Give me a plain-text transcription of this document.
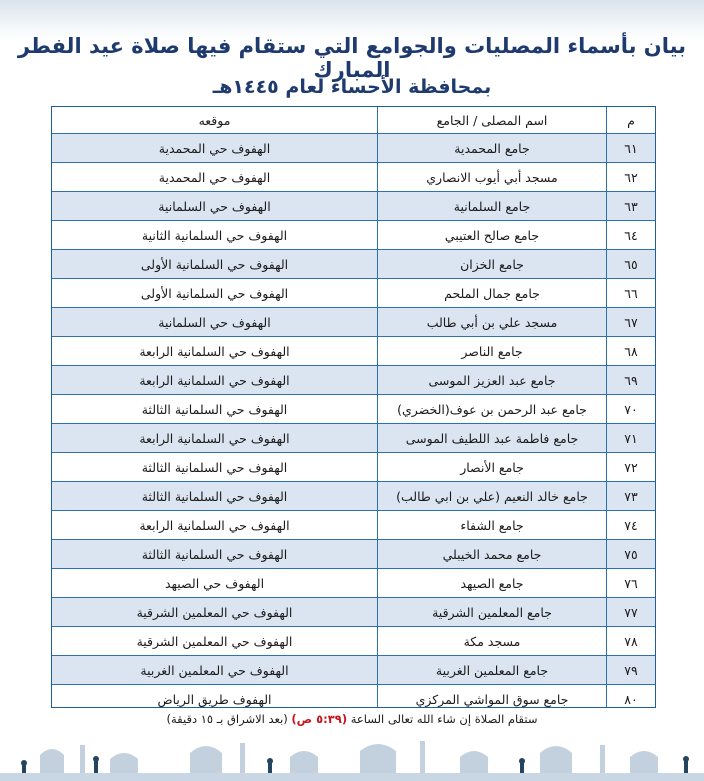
بيان بأسماء المصليات والجوامع التي ستقام فيها صلاة عيد الفطر المبارك
بمحافظة الأحساء لعام ١٤٤٥هـ
م	اسم المصلى / الجامع	موقعه
٦١	جامع المحمدية	الهفوف حي المحمدية
٦٢	مسجد أبي أيوب الانصاري	الهفوف حي المحمدية
٦٣	جامع السلمانية	الهفوف حي السلمانية
٦٤	جامع صالح العتيبي	الهفوف حي السلمانية الثانية
٦٥	جامع الخزان	الهفوف حي السلمانية الأولى
٦٦	جامع جمال الملحم	الهفوف حي السلمانية الأولى
٦٧	مسجد علي بن أبي طالب	الهفوف حي السلمانية
٦٨	جامع الناصر	الهفوف حي السلمانية الرابعة
٦٩	جامع عبد العزيز الموسى	الهفوف حي السلمانية الرابعة
٧٠	جامع عبد الرحمن بن عوف(الخضري)	الهفوف حي السلمانية الثالثة
٧١	جامع فاطمة عبد اللطيف الموسى	الهفوف حي السلمانية الرابعة
٧٢	جامع الأنصار	الهفوف حي السلمانية الثالثة
٧٣	جامع خالد النعيم (علي بن ابي طالب)	الهفوف حي السلمانية الثالثة
٧٤	جامع الشفاء	الهفوف حي السلمانية الرابعة
٧٥	جامع محمد الخيبلي	الهفوف حي السلمانية الثالثة
٧٦	جامع الصيهد	الهفوف حي الصيهد
٧٧	جامع المعلمين الشرقية	الهفوف حي المعلمين الشرقية
٧٨	مسجد مكة	الهفوف حي المعلمين الشرقية
٧٩	جامع المعلمين الغربية	الهفوف حي المعلمين الغربية
٨٠	جامع سوق المواشي المركزي	الهفوف طريق الرياض
ستقام الصلاة إن شاء الله تعالى الساعة (٥:٣٩ ص) (بعد الاشراق بـ ١٥ دقيقة)
